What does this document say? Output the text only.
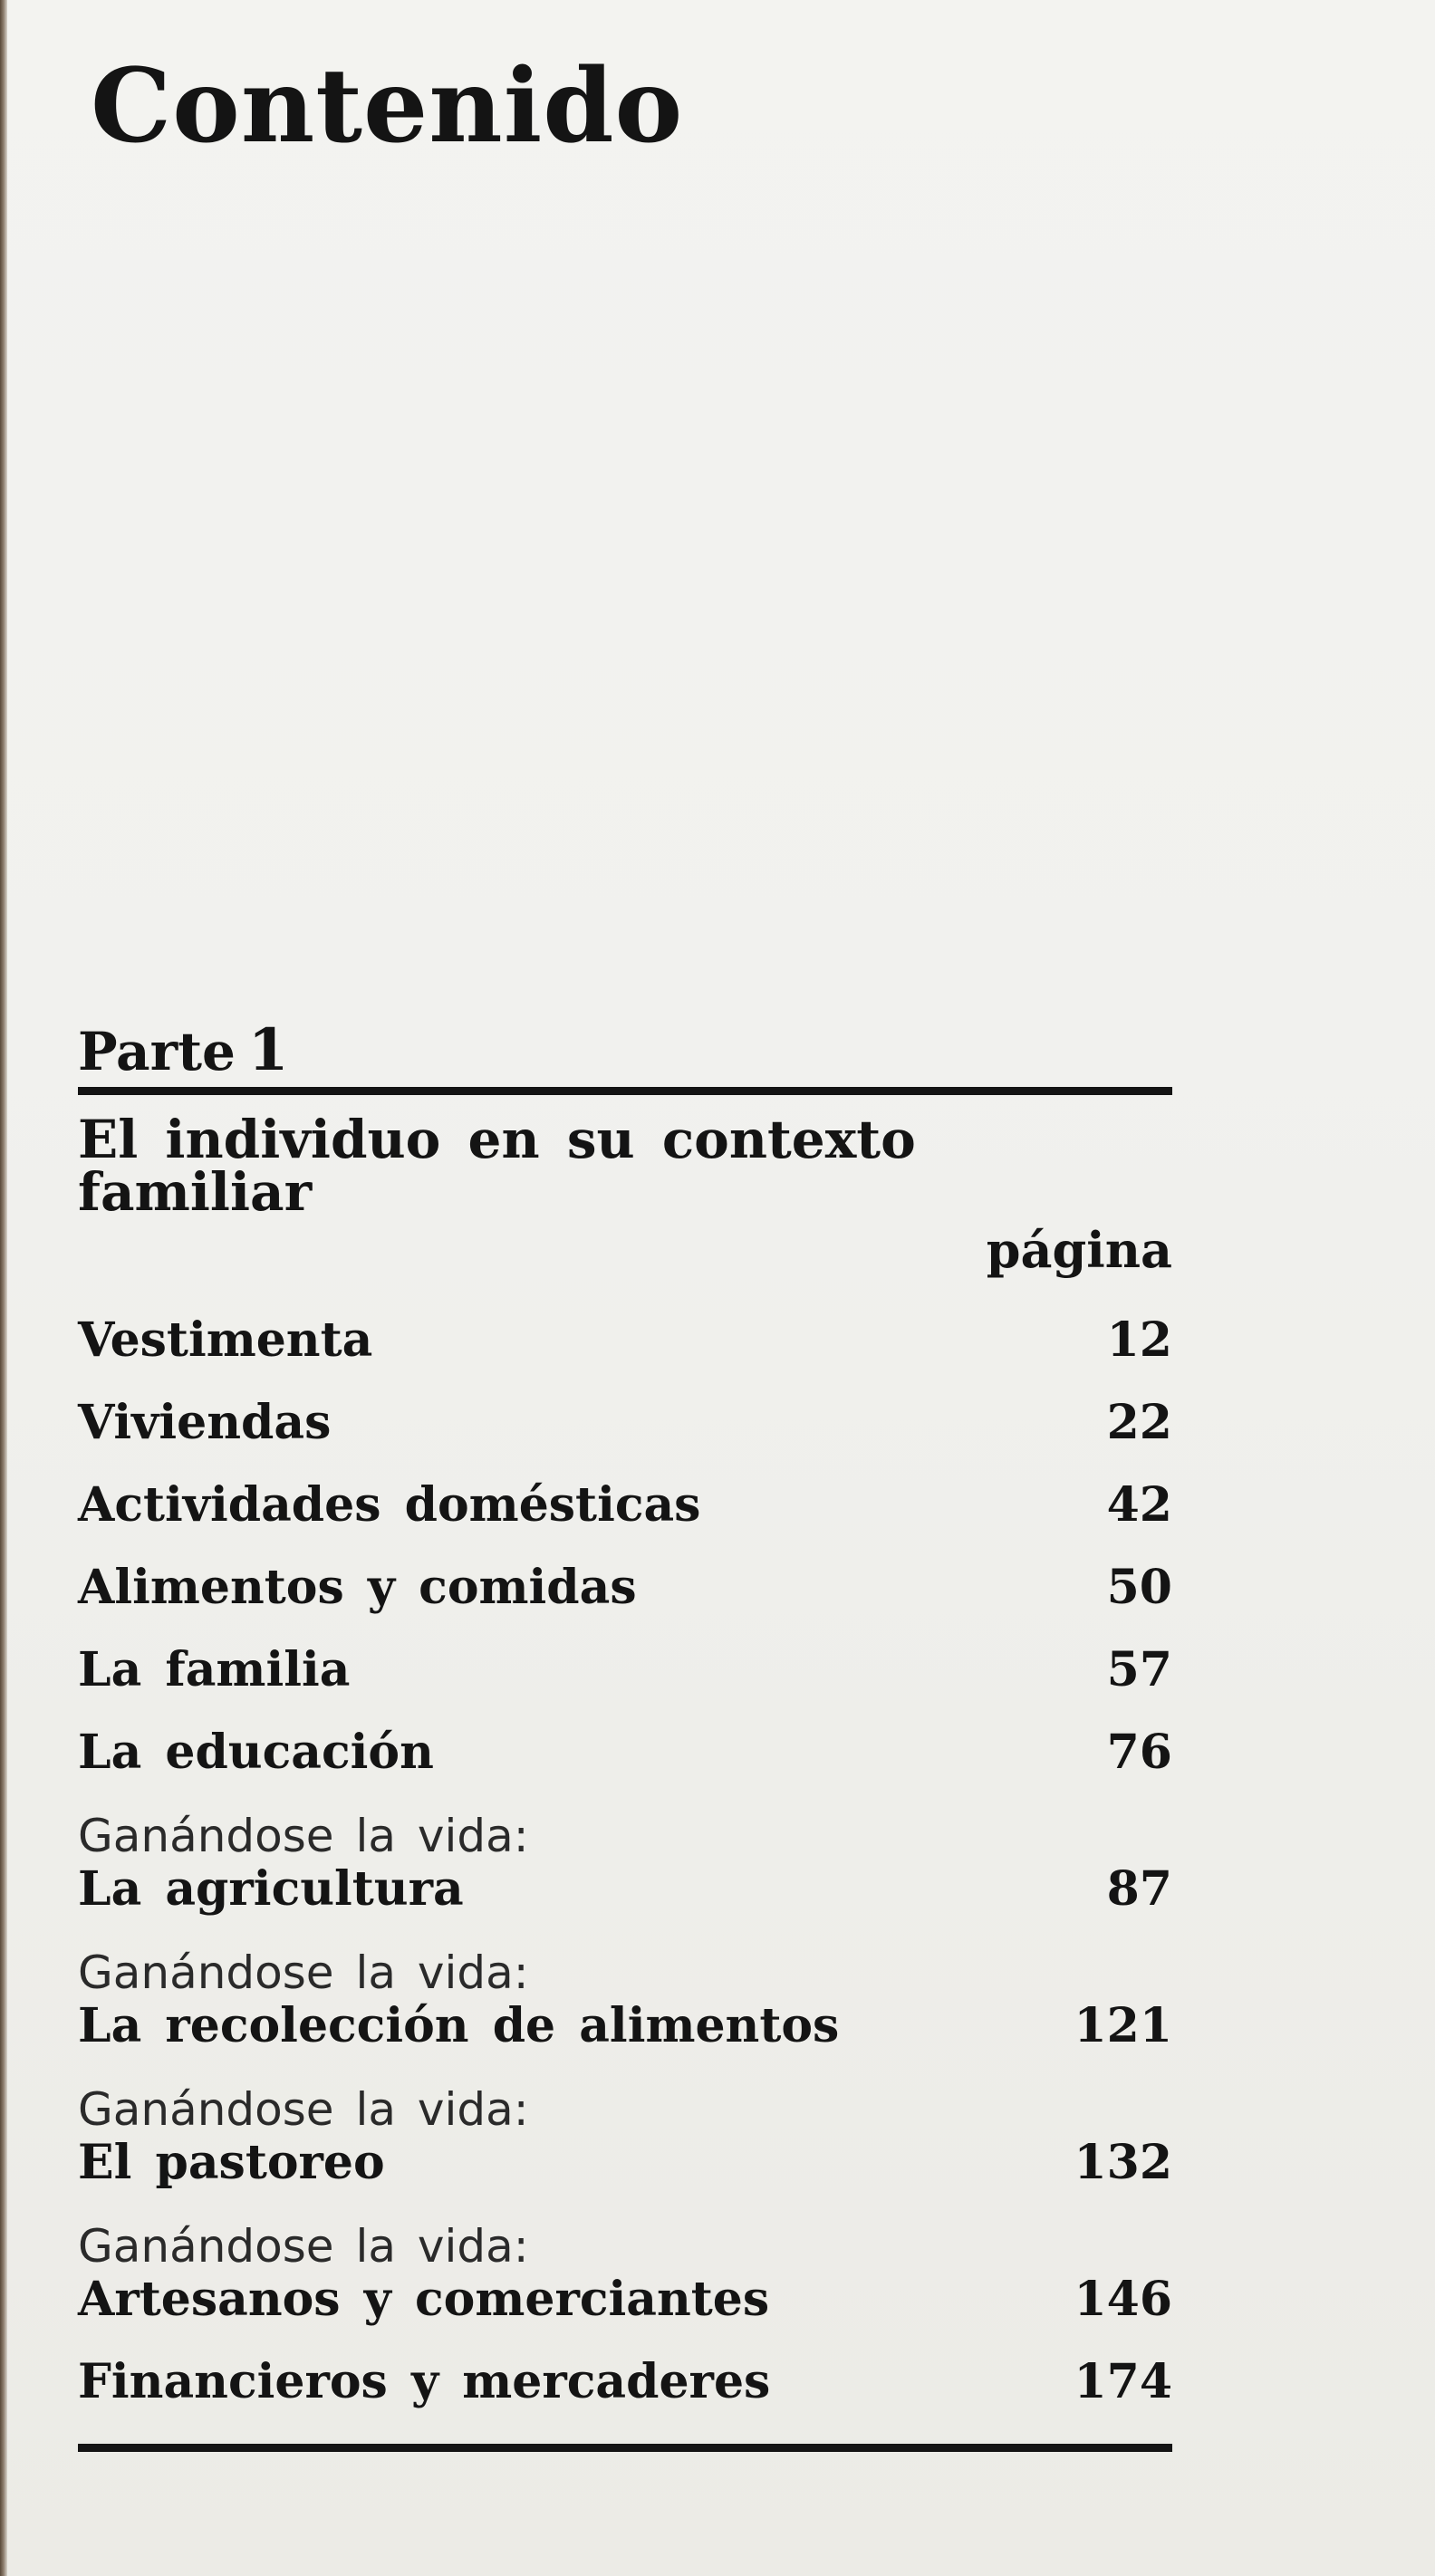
Contenido
Parte 1
El individuo en su contexto familiar
página
Vestimenta	12
Viviendas	22
Actividades domésticas	42
Alimentos y comidas	50
La familia	57
La educación	76
Ganándose la vida:
La agricultura	87
Ganándose la vida:
La recolección de alimentos	121
Ganándose la vida:
El pastoreo	132
Ganándose la vida:
Artesanos y comerciantes	146
Financieros y mercaderes	174
